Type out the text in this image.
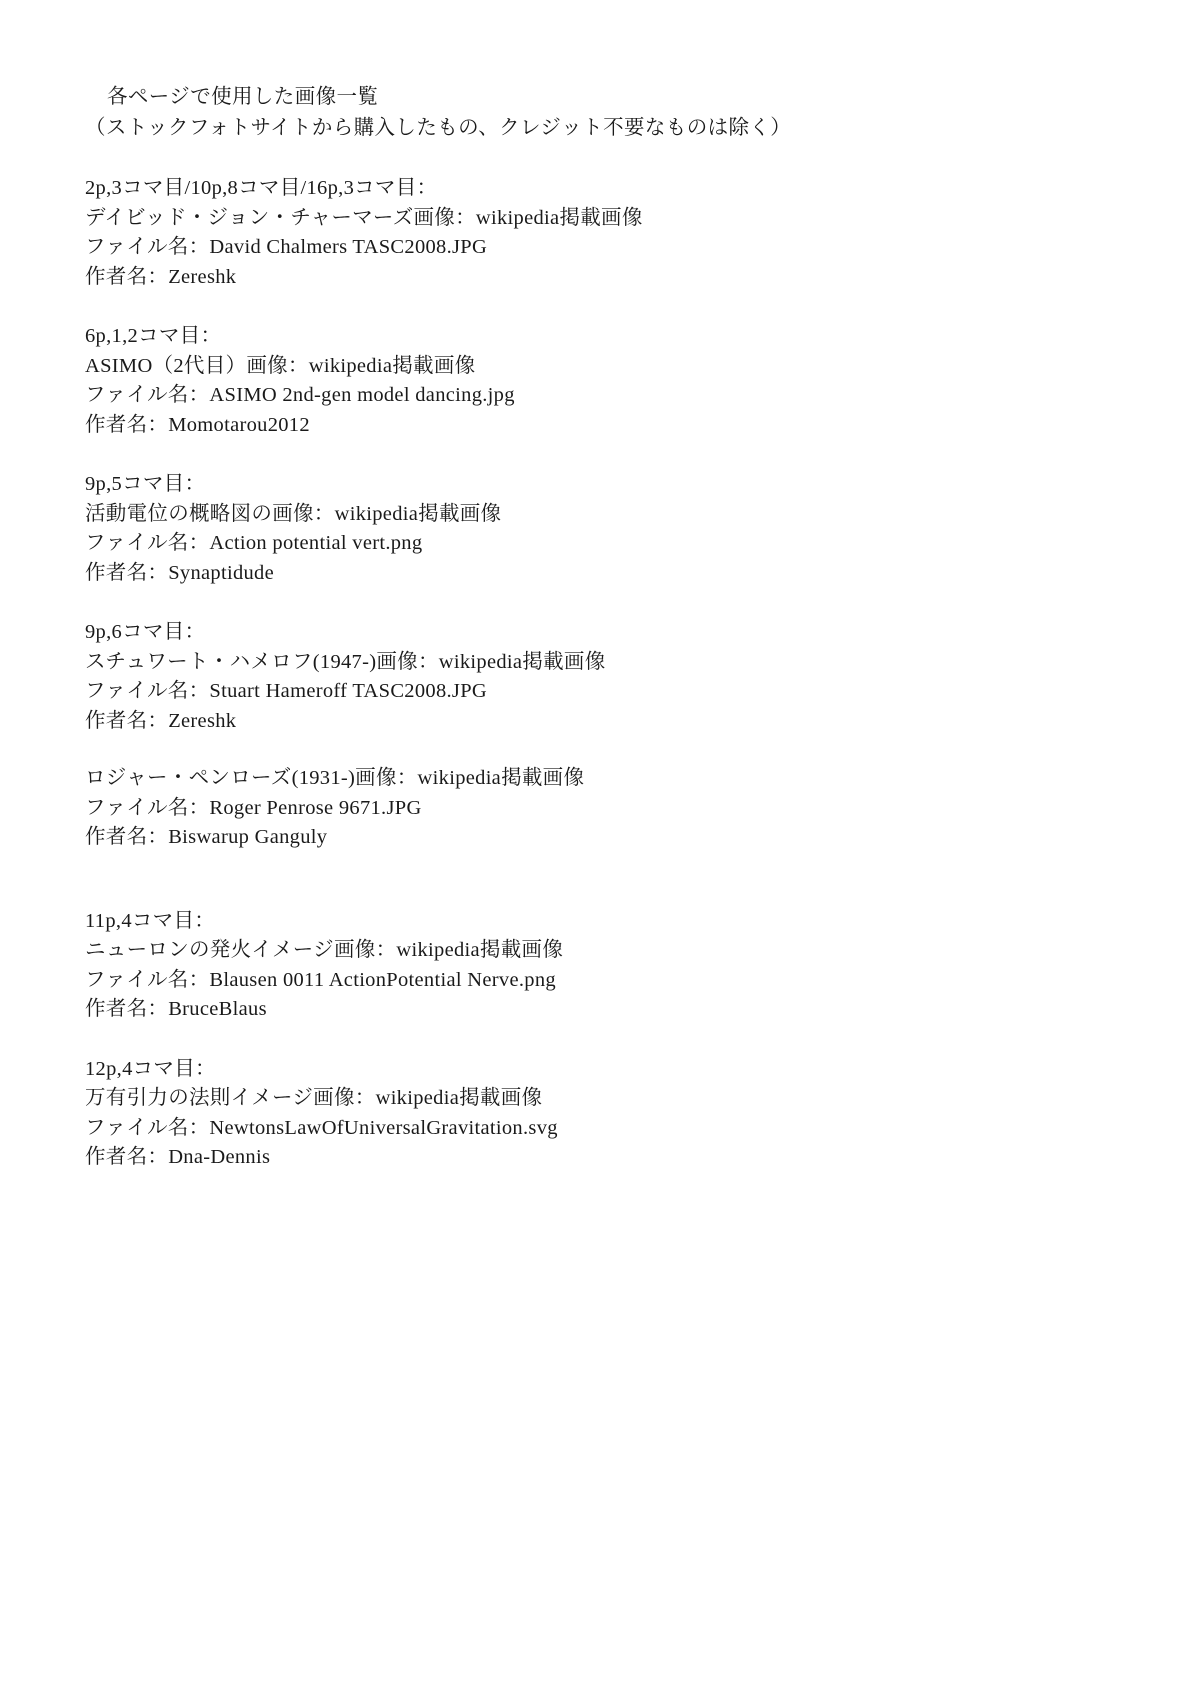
各ページで使用した画像一覧
（ストックフォトサイトから購入したもの、クレジット不要なものは除く）
2p,3コマ目/10p,8コマ目/16p,3コマ目：
デイビッド・ジョン・チャーマーズ画像：wikipedia掲載画像
ファイル名：David Chalmers TASC2008.JPG
作者名：Zereshk
6p,1,2コマ目：
ASIMO（2代目）画像：wikipedia掲載画像
ファイル名：ASIMO 2nd-gen model dancing.jpg
作者名：Momotarou2012
9p,5コマ目：
活動電位の概略図の画像：wikipedia掲載画像
ファイル名：Action potential vert.png
作者名：Synaptidude
9p,6コマ目：
スチュワート・ハメロフ(1947-)画像：wikipedia掲載画像
ファイル名：Stuart Hameroff TASC2008.JPG
作者名：Zereshk
ロジャー・ペンローズ(1931-)画像：wikipedia掲載画像
ファイル名：Roger Penrose 9671.JPG
作者名：Biswarup Ganguly
11p,4コマ目：
ニューロンの発火イメージ画像：wikipedia掲載画像
ファイル名：Blausen 0011 ActionPotential Nerve.png
作者名：BruceBlaus
12p,4コマ目：
万有引力の法則イメージ画像：wikipedia掲載画像
ファイル名：NewtonsLawOfUniversalGravitation.svg
作者名：Dna-Dennis
